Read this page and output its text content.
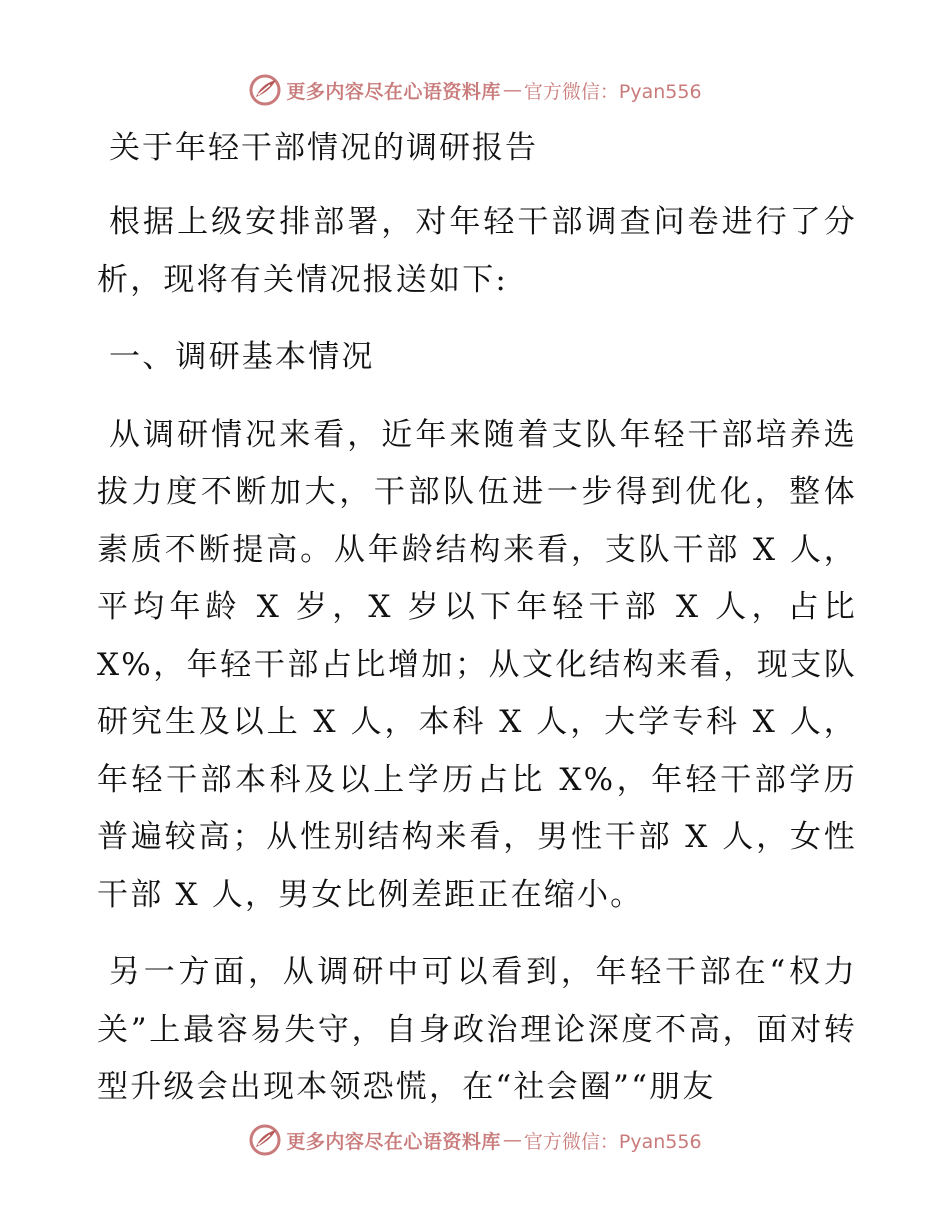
更多内容尽在心语资料库 — 官方微信：Pyan556
关于年轻干部情况的调研报告
根据上级安排部署，对年轻干部调查问卷进行了分析，现将有关情况报送如下:
一、调研基本情况
从调研情况来看，近年来随着支队年轻干部培养选拔力度不断加大，干部队伍进一步得到优化，整体素质不断提高。从年龄结构来看，支队干部 X 人，平均年龄 X 岁，X 岁以下年轻干部 X 人，占比 X%，年轻干部占比增加；从文化结构来看，现支队研究生及以上 X 人，本科 X 人，大学专科 X 人，年轻干部本科及以上学历占比 X%，年轻干部学历普遍较高；从性别结构来看，男性干部 X 人，女性干部 X 人，男女比例差距正在缩小。
另一方面，从调研中可以看到，年轻干部在“权力关”上最容易失守，自身政治理论深度不高，面对转型升级会出现本领恐慌，在“社会圈”“朋友
更多内容尽在心语资料库 — 官方微信：Pyan556
